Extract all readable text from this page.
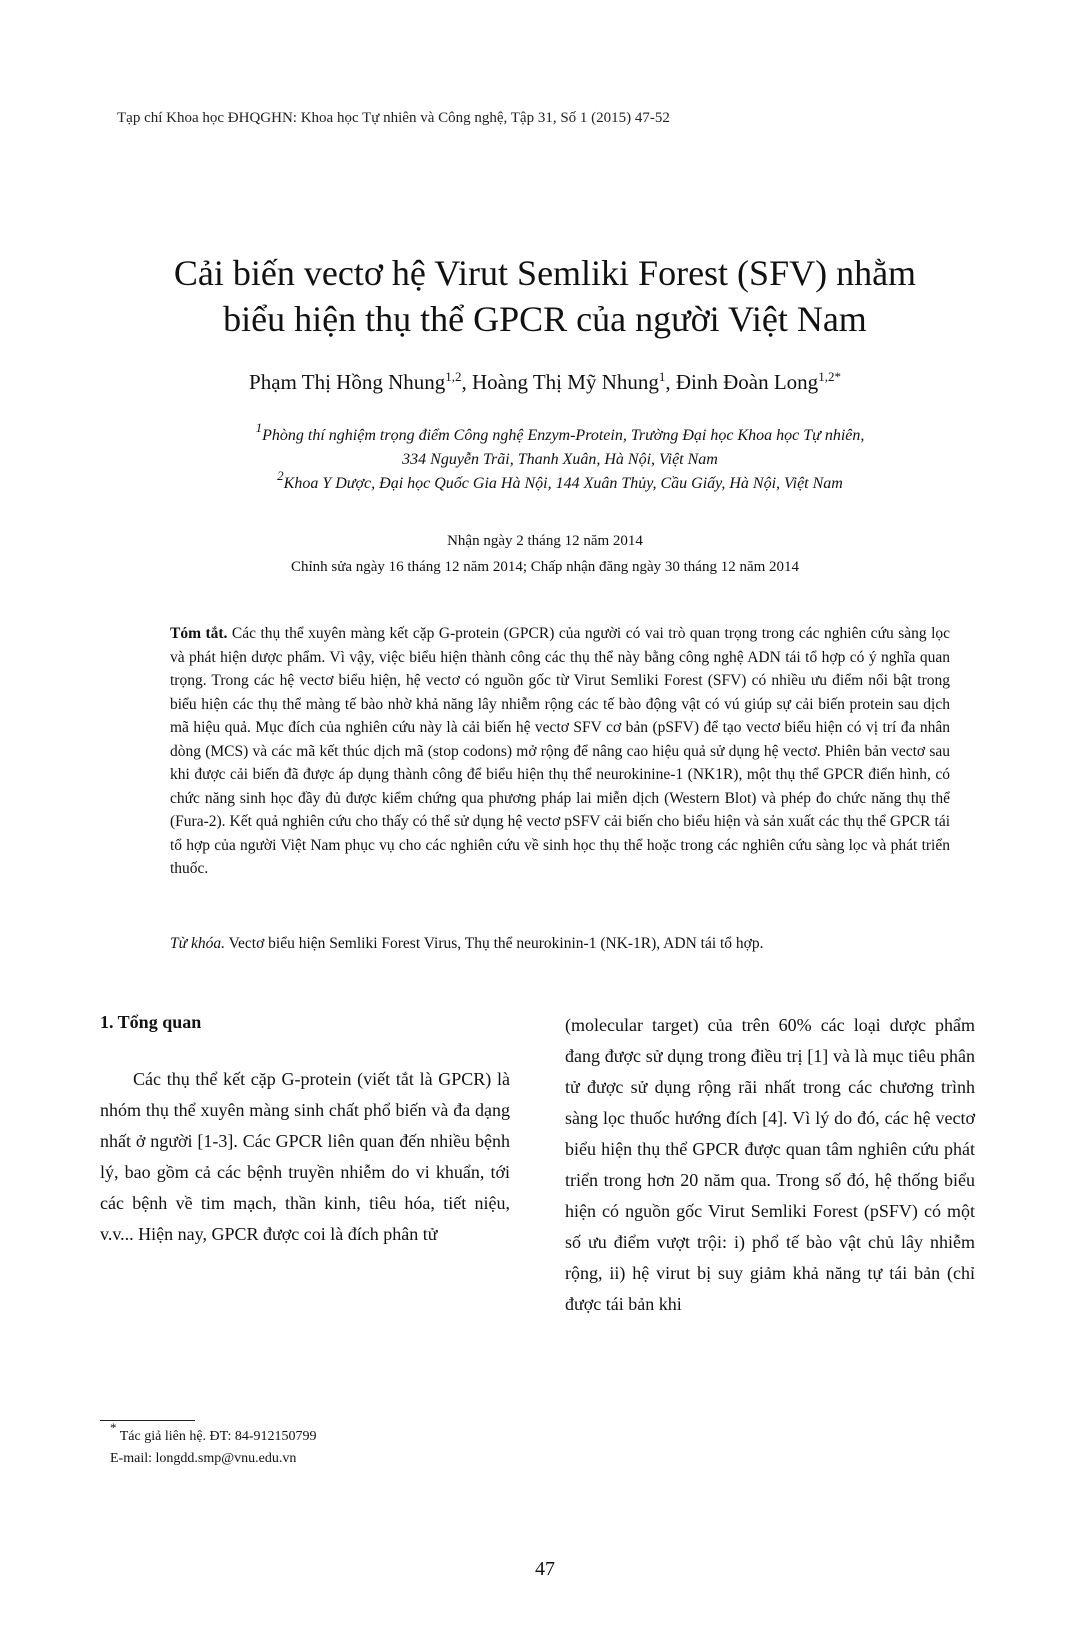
Tạp chí Khoa học ĐHQGHN: Khoa học Tự nhiên và Công nghệ, Tập 31, Số 1 (2015) 47-52
Cải biến vectơ hệ Virut Semliki Forest (SFV) nhằm
biểu hiện thụ thể GPCR của người Việt Nam
Phạm Thị Hồng Nhung$^{1,2}$, Hoàng Thị Mỹ Nhung$^1$, Đinh Đoàn Long$^{1,2*}$
$^1$Phòng thí nghiệm trọng điểm Công nghệ Enzym-Protein, Trường Đại học Khoa học Tự nhiên,
334 Nguyễn Trãi, Thanh Xuân, Hà Nội, Việt Nam
$^2$Khoa Y Dược, Đại học Quốc Gia Hà Nội, 144 Xuân Thủy, Cầu Giấy, Hà Nội, Việt Nam
Nhận ngày 2 tháng 12 năm 2014
Chỉnh sửa ngày 16 tháng 12 năm 2014; Chấp nhận đăng ngày 30 tháng 12 năm 2014
Tóm tắt. Các thụ thể xuyên màng kết cặp G-protein (GPCR) của người có vai trò quan trọng trong các nghiên cứu sàng lọc và phát hiện dược phẩm. Vì vậy, việc biểu hiện thành công các thụ thể này bằng công nghệ ADN tái tổ hợp có ý nghĩa quan trọng. Trong các hệ vectơ biểu hiện, hệ vectơ có nguồn gốc từ Virut Semliki Forest (SFV) có nhiều ưu điểm nổi bật trong biểu hiện các thụ thể màng tế bào nhờ khả năng lây nhiễm rộng các tế bào động vật có vú giúp sự cải biến protein sau dịch mã hiệu quả. Mục đích của nghiên cứu này là cải biến hệ vectơ SFV cơ bản (pSFV) để tạo vectơ biểu hiện có vị trí đa nhân dòng (MCS) và các mã kết thúc dịch mã (stop codons) mở rộng để nâng cao hiệu quả sử dụng hệ vectơ. Phiên bản vectơ sau khi được cải biến đã được áp dụng thành công để biểu hiện thụ thể neurokinine-1 (NK1R), một thụ thể GPCR điển hình, có chức năng sinh học đầy đủ được kiểm chứng qua phương pháp lai miễn dịch (Western Blot) và phép đo chức năng thụ thể (Fura-2). Kết quả nghiên cứu cho thấy có thể sử dụng hệ vectơ pSFV cải biến cho biểu hiện và sản xuất các thụ thể GPCR tái tổ hợp của người Việt Nam phục vụ cho các nghiên cứu về sinh học thụ thể hoặc trong các nghiên cứu sàng lọc và phát triển thuốc.
Từ khóa. Vectơ biểu hiện Semliki Forest Virus, Thụ thể neurokinin-1 (NK-1R), ADN tái tổ hợp.
1. Tổng quan

Các thụ thể kết cặp G-protein (viết tắt là GPCR) là nhóm thụ thể xuyên màng sinh chất phổ biến và đa dạng nhất ở người [1-3]. Các GPCR liên quan đến nhiều bệnh lý, bao gồm cả các bệnh truyền nhiễm do vi khuẩn, tới các bệnh về tim mạch, thần kinh, tiêu hóa, tiết niệu, v.v... Hiện nay, GPCR được coi là đích phân tử

(molecular target) của trên 60% các loại dược phẩm đang được sử dụng trong điều trị [1] và là mục tiêu phân tử được sử dụng rộng rãi nhất trong các chương trình sàng lọc thuốc hướng đích [4]. Vì lý do đó, các hệ vectơ biểu hiện thụ thể GPCR được quan tâm nghiên cứu phát triển trong hơn 20 năm qua. Trong số đó, hệ thống biểu hiện có nguồn gốc Virut Semliki Forest (pSFV) có một số ưu điểm vượt trội: i) phổ tế bào vật chủ lây nhiễm rộng, ii) hệ virut bị suy giảm khả năng tự tái bản (chỉ được tái bản khi

* Tác giả liên hệ. ĐT: 84-912150799
E-mail: longdd.smp@vnu.edu.vn
47
